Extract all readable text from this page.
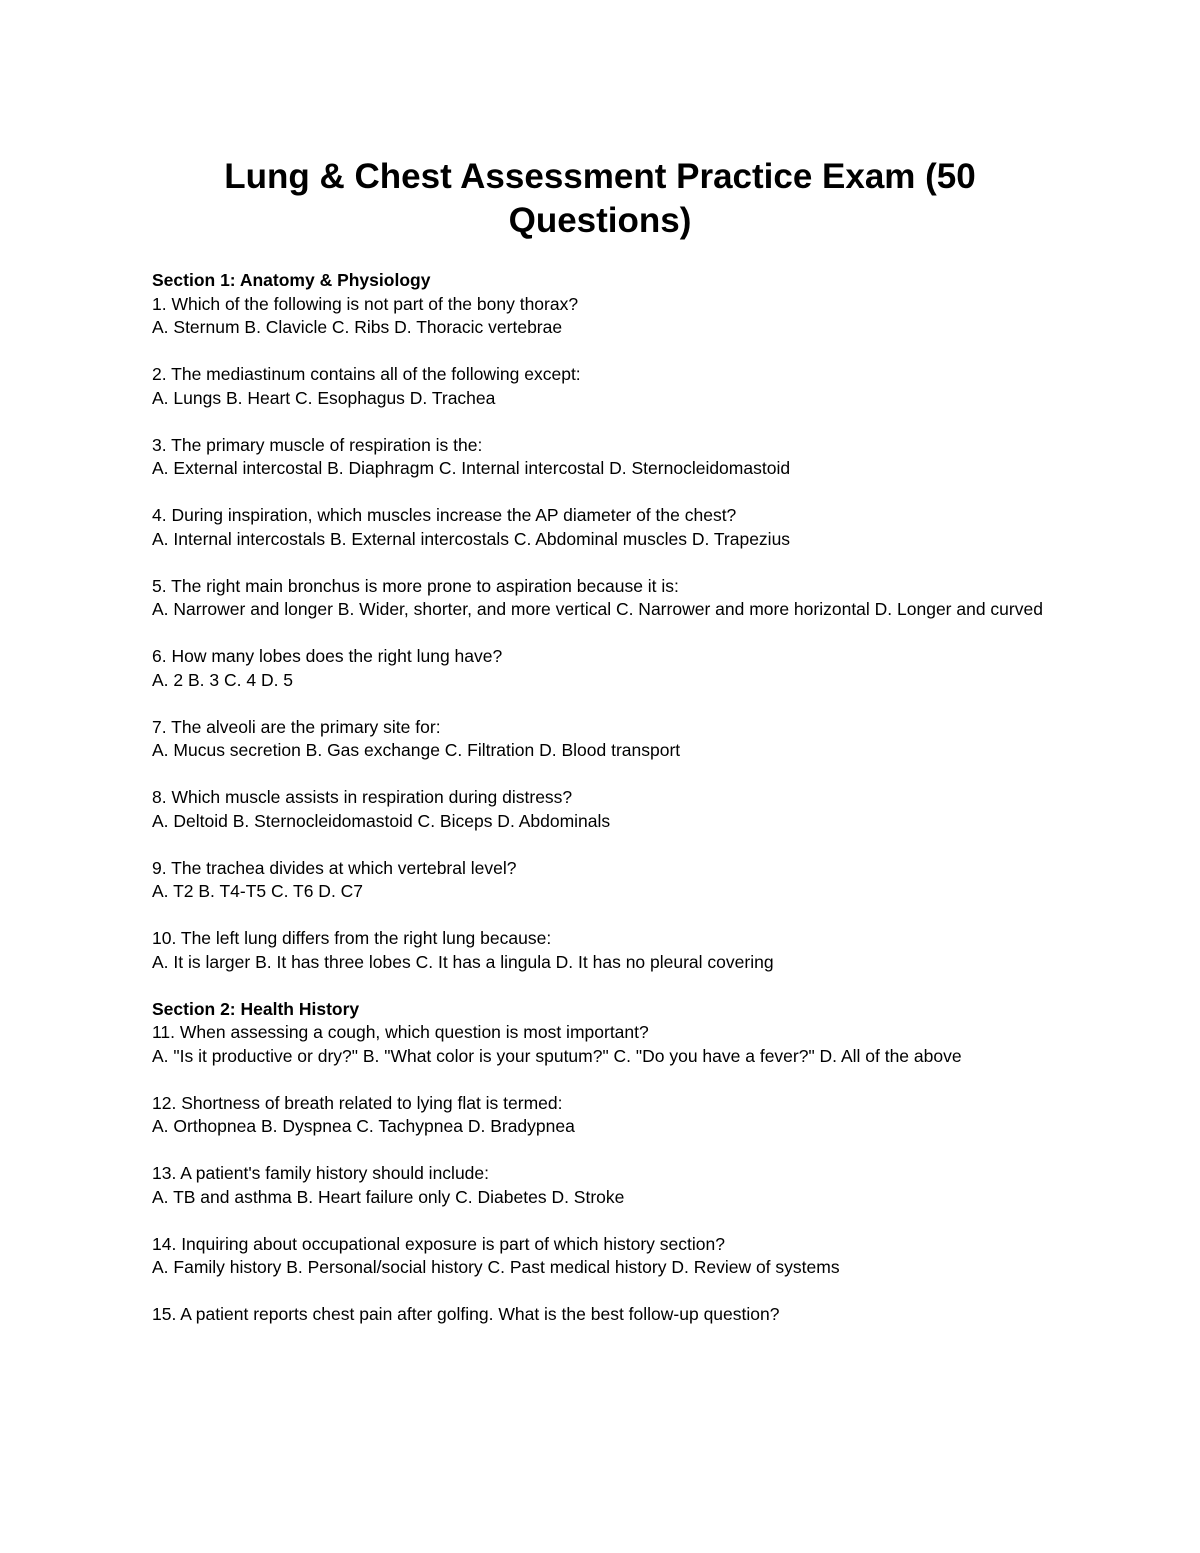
Lung & Chest Assessment Practice Exam (50
Questions)
Section 1: Anatomy & Physiology
1. Which of the following is not part of the bony thorax?
A. Sternum B. Clavicle C. Ribs D. Thoracic vertebrae
2. The mediastinum contains all of the following except:
A. Lungs B. Heart C. Esophagus D. Trachea
3. The primary muscle of respiration is the:
A. External intercostal B. Diaphragm C. Internal intercostal D. Sternocleidomastoid
4. During inspiration, which muscles increase the AP diameter of the chest?
A. Internal intercostals B. External intercostals C. Abdominal muscles D. Trapezius
5. The right main bronchus is more prone to aspiration because it is:
A. Narrower and longer B. Wider, shorter, and more vertical C. Narrower and more horizontal D. Longer and curved
6. How many lobes does the right lung have?
A. 2 B. 3 C. 4 D. 5
7. The alveoli are the primary site for:
A. Mucus secretion B. Gas exchange C. Filtration D. Blood transport
8. Which muscle assists in respiration during distress?
A. Deltoid B. Sternocleidomastoid C. Biceps D. Abdominals
9. The trachea divides at which vertebral level?
A. T2 B. T4-T5 C. T6 D. C7
10. The left lung differs from the right lung because:
A. It is larger B. It has three lobes C. It has a lingula D. It has no pleural covering
Section 2: Health History
11. When assessing a cough, which question is most important?
A. "Is it productive or dry?" B. "What color is your sputum?" C. "Do you have a fever?" D. All of the above
12. Shortness of breath related to lying flat is termed:
A. Orthopnea B. Dyspnea C. Tachypnea D. Bradypnea
13. A patient's family history should include:
A. TB and asthma B. Heart failure only C. Diabetes D. Stroke
14. Inquiring about occupational exposure is part of which history section?
A. Family history B. Personal/social history C. Past medical history D. Review of systems
15. A patient reports chest pain after golfing. What is the best follow-up question?
